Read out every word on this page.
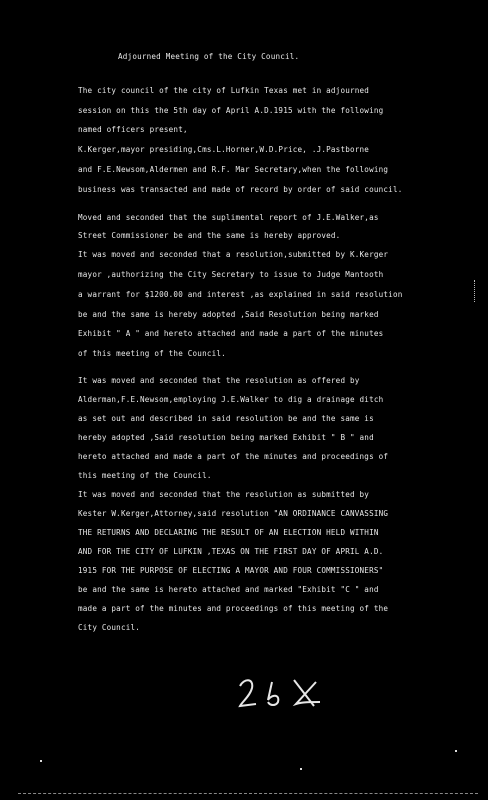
Adjourned Meeting of the City Council.
The city council of the city of Lufkin Texas met in adjourned
session on this the 5th day of April A.D.1915 with the following
named officers present,
K.Kerger,mayor presiding,Cms.L.Horner,W.D.Price, .J.Pastborne
and F.E.Newsom,Aldermen and R.F. Mar Secretary,when the following
business was transacted and made of record by order of said council.
Moved and seconded that the suplimental report of J.E.Walker,as
Street Commissioner be and the same is hereby approved.
It was moved and seconded that a resolution,submitted by K.Kerger
mayor ,authorizing the City Secretary to issue to Judge Mantooth
a warrant for $1200.00 and interest ,as explained in said resolution
be and the same is hereby adopted ,Said Resolution being marked
Exhibit " A " and hereto attached and made a part of the minutes
of this meeting of the Council.
It was moved and seconded that the resolution as offered by
Alderman,F.E.Newsom,employing J.E.Walker to dig a drainage ditch
as set out and described in said resolution be and the same is
hereby adopted ,Said resolution being marked Exhibit " B " and
hereto attached and made a part of the minutes and proceedings of
this meeting of the Council.
It was moved and seconded that the resolution as submitted by
Kester W.Kerger,Attorney,said resolution "AN ORDINANCE CANVASSING
THE RETURNS AND DECLARING THE RESULT OF AN ELECTION HELD WITHIN
AND FOR THE CITY OF LUFKIN ,TEXAS ON THE FIRST DAY OF APRIL A.D.
1915 FOR THE PURPOSE OF ELECTING A MAYOR AND FOUR COMMISSIONERS"
be and the same is hereto attached and marked "Exhibit "C " and
made a part of the minutes and proceedings of this meeting of the
City Council.
